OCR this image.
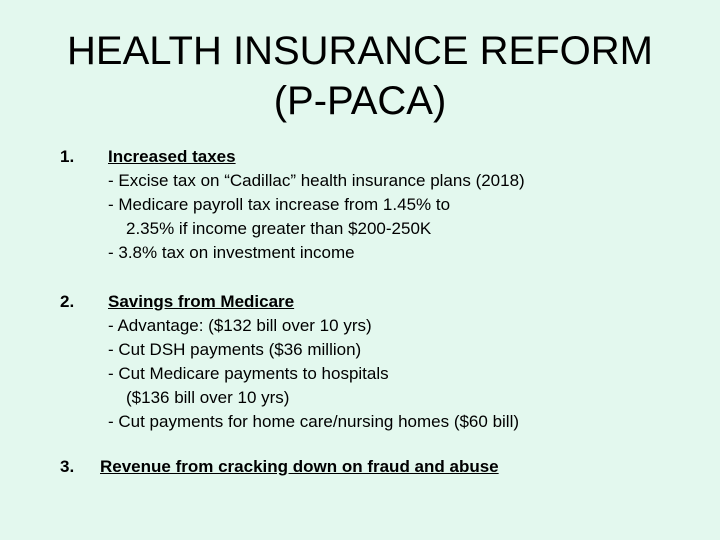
HEALTH INSURANCE REFORM
(P-PACA)
1. Increased taxes
- Excise tax on “Cadillac” health insurance plans (2018)
- Medicare payroll tax increase from 1.45% to
2.35% if income greater than $200-250K
- 3.8% tax on investment income
2. Savings from Medicare
- Advantage: ($132 bill over 10 yrs)
- Cut DSH payments ($36 million)
- Cut Medicare payments to hospitals
($136 bill over 10 yrs)
- Cut payments for home care/nursing homes ($60 bill)
3. Revenue from cracking down on fraud and abuse
